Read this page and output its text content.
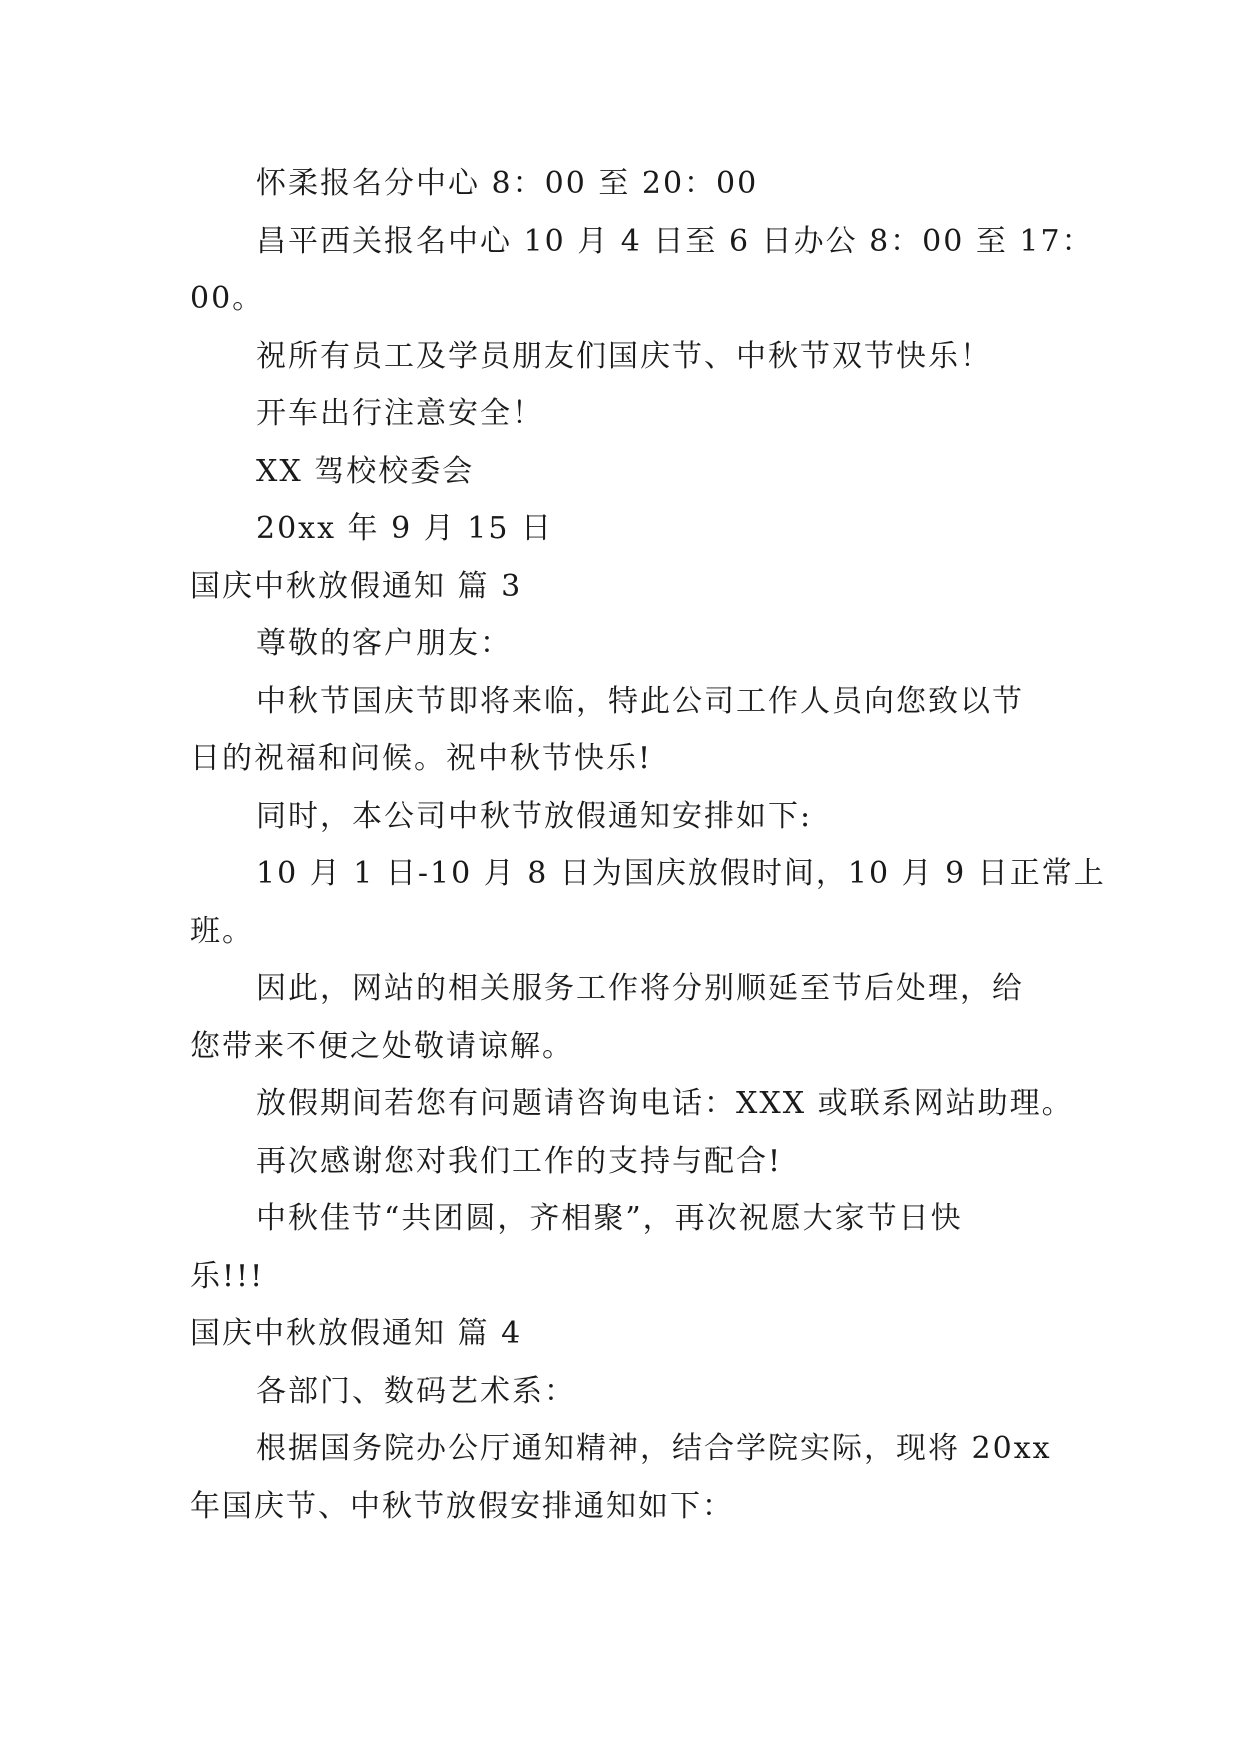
怀柔报名分中心 8：00 至 20：00
昌平西关报名中心 10 月 4 日至 6 日办公 8：00 至 17：
00。
祝所有员工及学员朋友们国庆节、中秋节双节快乐！
开车出行注意安全！
XX 驾校校委会
20xx 年 9 月 15 日
国庆中秋放假通知 篇 3
尊敬的客户朋友：
中秋节国庆节即将来临，特此公司工作人员向您致以节
日的祝福和问候。祝中秋节快乐!
同时，本公司中秋节放假通知安排如下:
10 月 1 日-10 月 8 日为国庆放假时间，10 月 9 日正常上
班。
因此，网站的相关服务工作将分别顺延至节后处理，给
您带来不便之处敬请谅解。
放假期间若您有问题请咨询电话：XXX 或联系网站助理。
再次感谢您对我们工作的支持与配合!
中秋佳节“共团圆，齐相聚”，再次祝愿大家节日快
乐!!!
国庆中秋放假通知 篇 4
各部门、数码艺术系：
根据国务院办公厅通知精神，结合学院实际，现将 20xx
年国庆节、中秋节放假安排通知如下：
